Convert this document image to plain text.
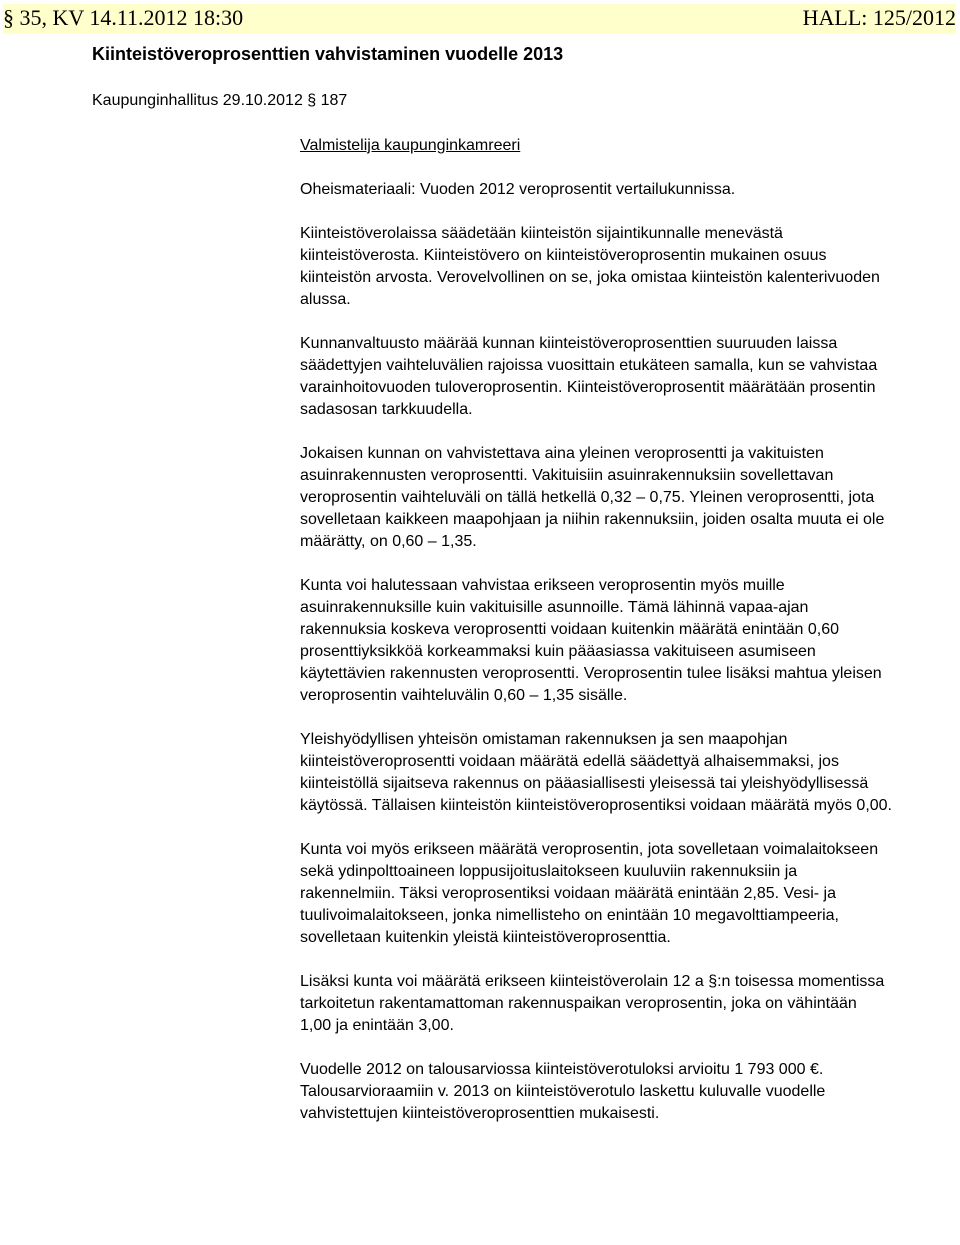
§ 35, KV 14.11.2012 18:30	HALL: 125/2012
Kiinteistöveroprosenttien vahvistaminen vuodelle 2013
Kaupunginhallitus 29.10.2012 § 187

Valmistelija kaupunginkamreeri

Oheismateriaali: Vuoden 2012 veroprosentit vertailukunnissa.

Kiinteistöverolaissa säädetään kiinteistön sijaintikunnalle menevästä kiinteistöverosta. Kiinteistövero on kiinteistöveroprosentin mukainen osuus kiinteistön arvosta. Verovelvollinen on se, joka omistaa kiinteistön kalenterivuoden alussa.

Kunnanvaltuusto määrää kunnan kiinteistöveroprosenttien suuruuden laissa säädettyjen vaihteluvälien rajoissa vuosittain etukäteen samalla, kun se vahvistaa varainhoitovuoden tuloveroprosentin. Kiinteistöveroprosentit määrätään prosentin sadasosan tarkkuudella.

Jokaisen kunnan on vahvistettava aina yleinen veroprosentti ja vakituisten asuinrakennusten veroprosentti. Vakituisiin asuinrakennuksiin sovellettavan veroprosentin vaihteluväli on tällä hetkellä 0,32 – 0,75. Yleinen veroprosentti, jota sovelletaan kaikkeen maapohjaan ja niihin rakennuksiin, joiden osalta muuta ei ole määrätty, on 0,60 – 1,35.

Kunta voi halutessaan vahvistaa erikseen veroprosentin myös muille asuinrakennuksille kuin vakituisille asunnoille. Tämä lähinnä vapaa-ajan rakennuksia koskeva veroprosentti voidaan kuitenkin määrätä enintään 0,60 prosenttiyksikköä korkeammaksi kuin pääasiassa vakituiseen asumiseen käytettävien rakennusten veroprosentti. Veroprosentin tulee lisäksi mahtua yleisen veroprosentin vaihteluvälin 0,60 – 1,35 sisälle.

Yleishyödyllisen yhteisön omistaman rakennuksen ja sen maapohjan kiinteistöveroprosentti voidaan määrätä edellä säädettyä alhaisemmaksi, jos kiinteistöllä sijaitseva rakennus on pääasiallisesti yleisessä tai yleishyödyllisessä käytössä. Tällaisen kiinteistön kiinteistöveroprosentiksi voidaan määrätä myös 0,00.

Kunta voi myös erikseen määrätä veroprosentin, jota sovelletaan voimalaitokseen sekä ydinpolttoaineen loppusijoituslaitokseen kuuluviin rakennuksiin ja rakennelmiin. Täksi veroprosentiksi voidaan määrätä enintään 2,85. Vesi- ja tuulivoimalaitokseen, jonka nimellisteho on enintään 10 megavolttiampeeria, sovelletaan kuitenkin yleistä kiinteistöveroprosenttia.

Lisäksi kunta voi määrätä erikseen kiinteistöverolain 12 a §:n toisessa momentissa tarkoitetun rakentamattoman rakennuspaikan veroprosentin, joka on vähintään 1,00 ja enintään 3,00.

Vuodelle 2012 on talousarviossa kiinteistöverotuloksi arvioitu 1 793 000 €. Talousarvioraamiin v. 2013 on kiinteistöverotulo laskettu kuluvalle vuodelle vahvistettujen kiinteistöveroprosenttien mukaisesti.
